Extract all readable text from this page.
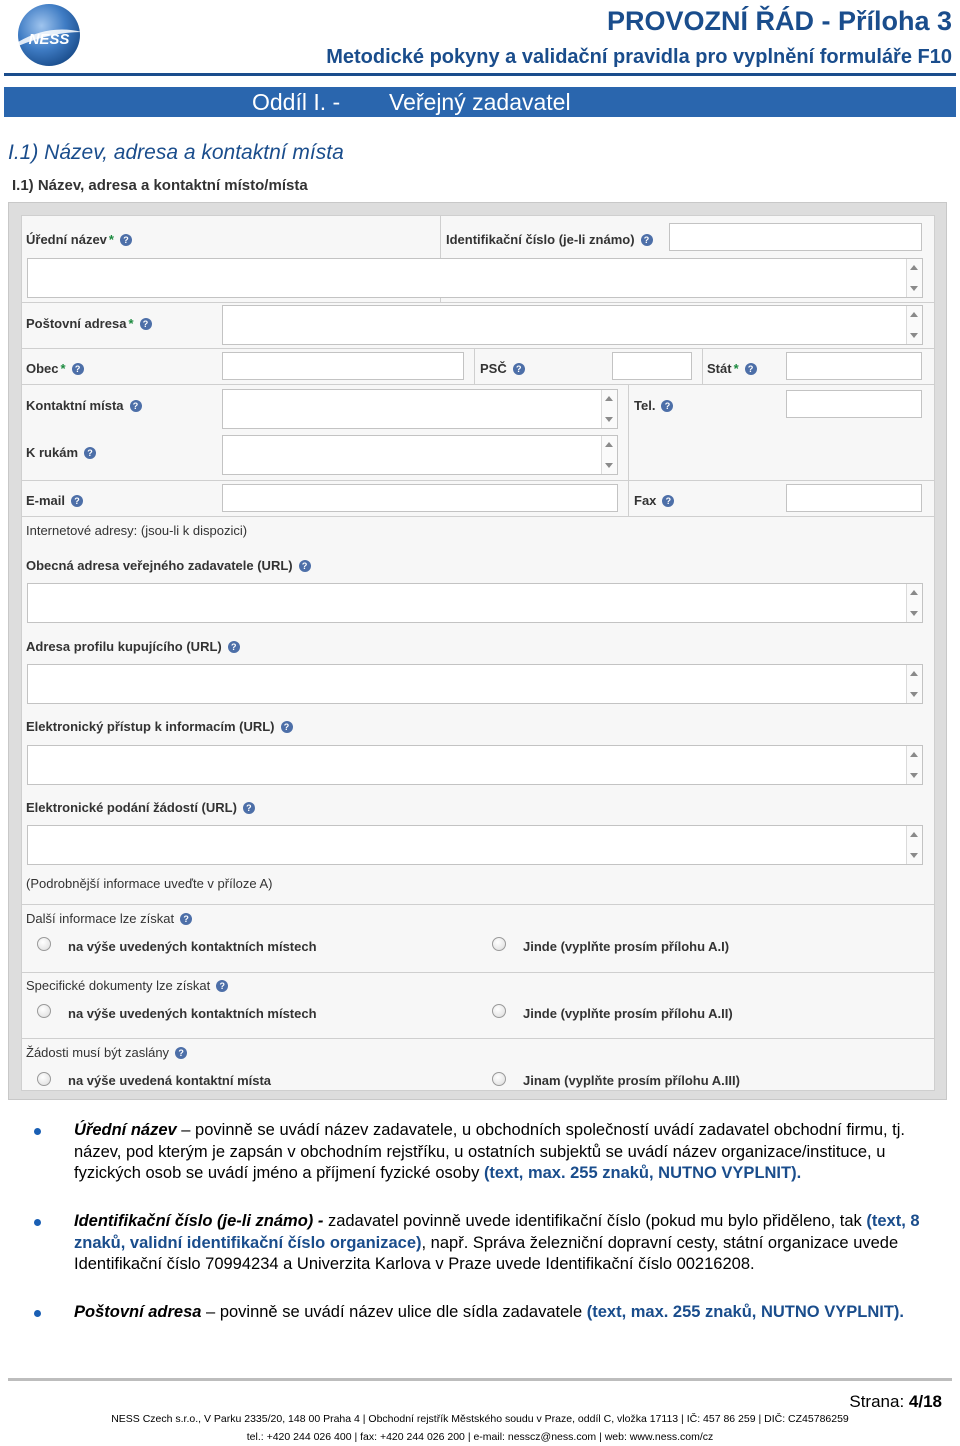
NESS
PROVOZNÍ ŘÁD - Příloha 3
Metodické pokyny a validační pravidla pro vyplnění formuláře F10
Oddíl I. - Veřejný zadavatel
I.1) Název, adresa a kontaktní místa
I.1) Název, adresa a kontaktní místo/místa
Úřední název * ?	Identifikační číslo (je-li známo) ?
Poštovní adresa * ?
Obec * ?	PSČ ?	Stát * ?
Kontaktní místa ?	Tel. ?
K rukám ?
E-mail ?	Fax ?
Internetové adresy: (jsou-li k dispozici)
Obecná adresa veřejného zadavatele (URL) ?
Adresa profilu kupujícího (URL) ?
Elektronický přístup k informacím (URL) ?
Elektronické podání žádostí (URL) ?
(Podrobnější informace uveďte v příloze A)
Další informace lze získat ?
na výše uvedených kontaktních místech	Jinde (vyplňte prosím přílohu A.I)
Specifické dokumenty lze získat ?
na výše uvedených kontaktních místech	Jinde (vyplňte prosím přílohu A.II)
Žádosti musí být zaslány ?
na výše uvedená kontaktní místa	Jinam (vyplňte prosím přílohu A.III)
Úřední název – povinně se uvádí název zadavatele, u obchodních společností uvádí zadavatel obchodní firmu, tj. název, pod kterým je zapsán v obchodním rejstříku, u ostatních subjektů se uvádí název organizace/instituce, u fyzických osob se uvádí jméno a příjmení fyzické osoby (text, max. 255 znaků, NUTNO VYPLNIT).
Identifikační číslo (je-li známo) - zadavatel povinně uvede identifikační číslo (pokud mu bylo přiděleno, tak (text, 8 znaků, validní identifikační číslo organizace), např. Správa železniční dopravní cesty, státní organizace uvede Identifikační číslo 70994234 a Univerzita Karlova v Praze uvede Identifikační číslo 00216208.
Poštovní adresa – povinně se uvádí název ulice dle sídla zadavatele (text, max. 255 znaků, NUTNO VYPLNIT).
Strana: 4/18
NESS Czech s.r.o., V Parku 2335/20, 148 00 Praha 4 | Obchodní rejstřík Městského soudu v Praze, oddíl C, vložka 17113 | IČ: 457 86 259 | DIČ: CZ45786259
tel.: +420 244 026 400 | fax: +420 244 026 200 | e-mail: nesscz@ness.com | web: www.ness.com/cz
